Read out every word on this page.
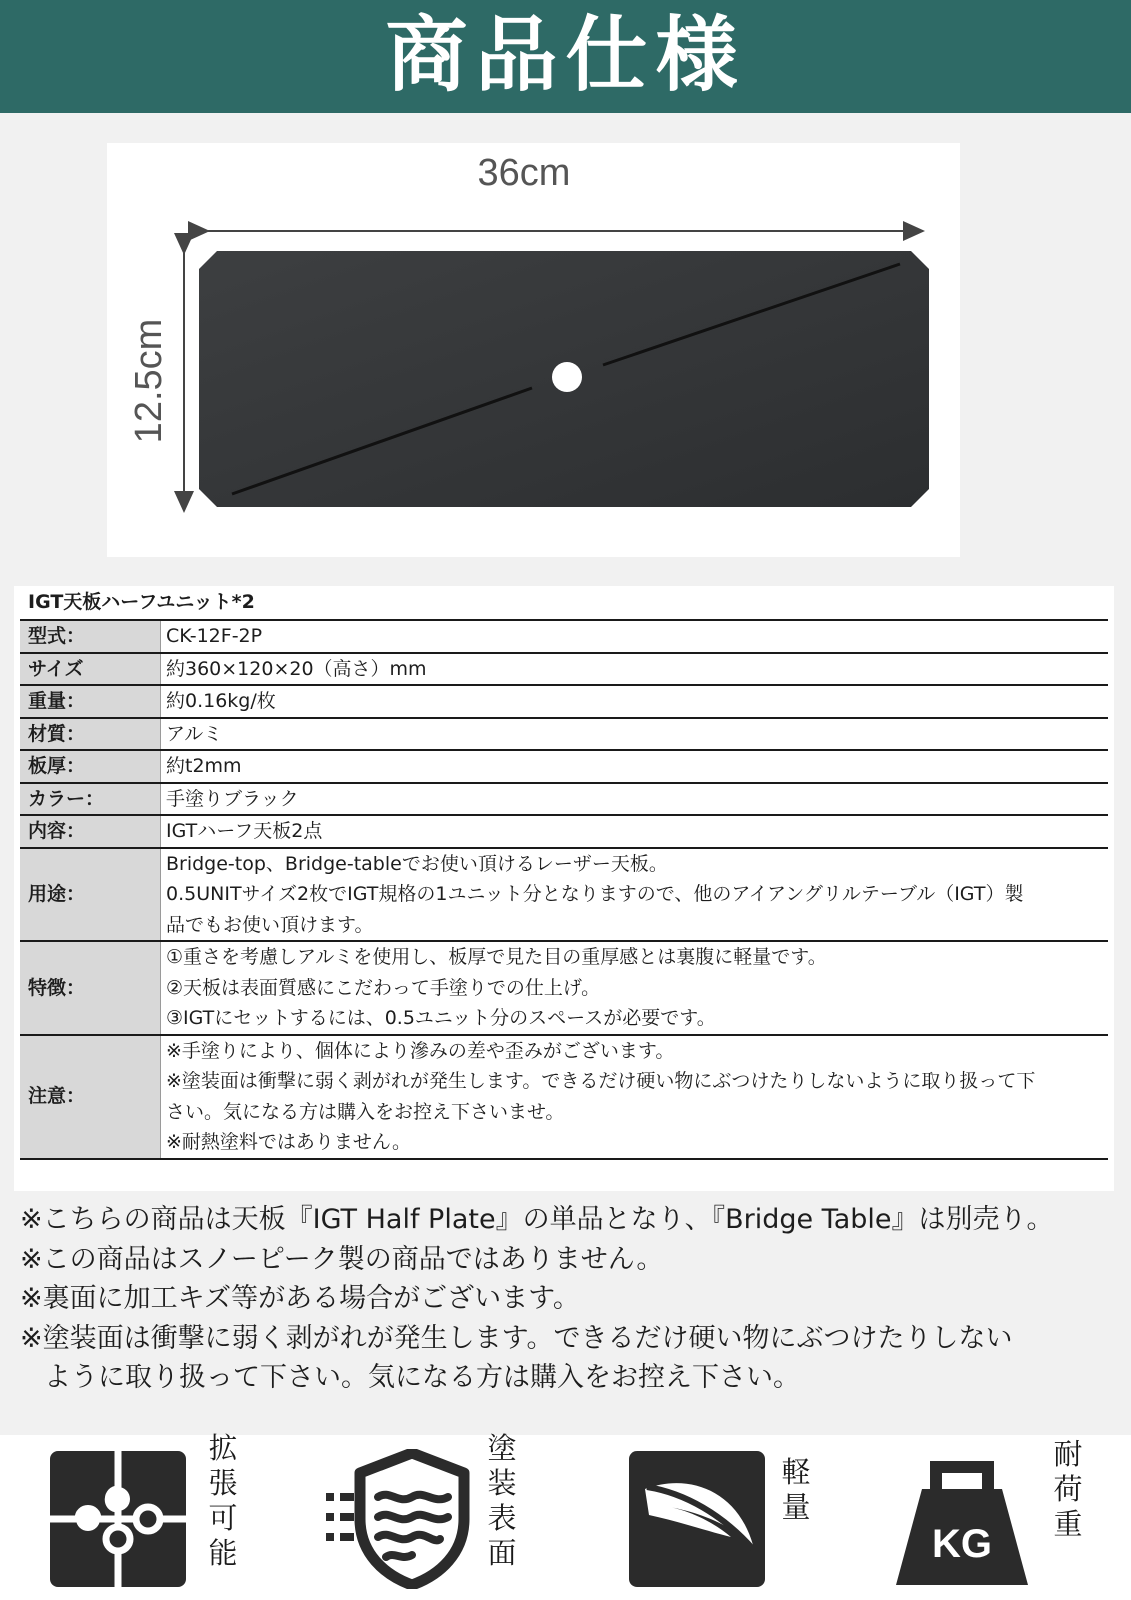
商品仕様
36cm
12.5cm
IGT天板ハーフユニット*2
型式：	CK-12F-2P

サイズ	約360×120×20（高さ）mm

重量：	約0.16kg/枚

材質：	アルミ

板厚：	約t2mm

カラー：	手塗りブラック

内容：	IGTハーフ天板2点

用途：	Bridge-top、Bridge-tableでお使い頂けるレーザー天板。
0.5UNITサイズ2枚でIGT規格の1ユニット分となりますので、他のアイアングリルテーブル（IGT）製
品でもお使い頂けます。

特徴：	①重さを考慮しアルミを使用し、板厚で見た目の重厚感とは裏腹に軽量です。
②天板は表面質感にこだわって手塗りでの仕上げ。
③IGTにセットするには、0.5ユニット分のスペースが必要です。

注意：	※手塗りにより、個体により滲みの差や歪みがございます。
※塗装面は衝撃に弱く剥がれが発生します。できるだけ硬い物にぶつけたりしないように取り扱って下
さい。気になる方は購入をお控え下さいませ。
※耐熱塗料ではありません。
※こちらの商品は天板『IGT Half Plate』の単品となり、『Bridge Table』は別売り。
※この商品はスノーピーク製の商品ではありません。
※裏面に加工キズ等がある場合がございます。
※塗装面は衝撃に弱く剥がれが発生します。できるだけ硬い物にぶつけたりしない
ように取り扱って下さい。気になる方は購入をお控え下さい。
拡
張
可
能
塗
装
表
面
軽
量
KG
耐
荷
重
